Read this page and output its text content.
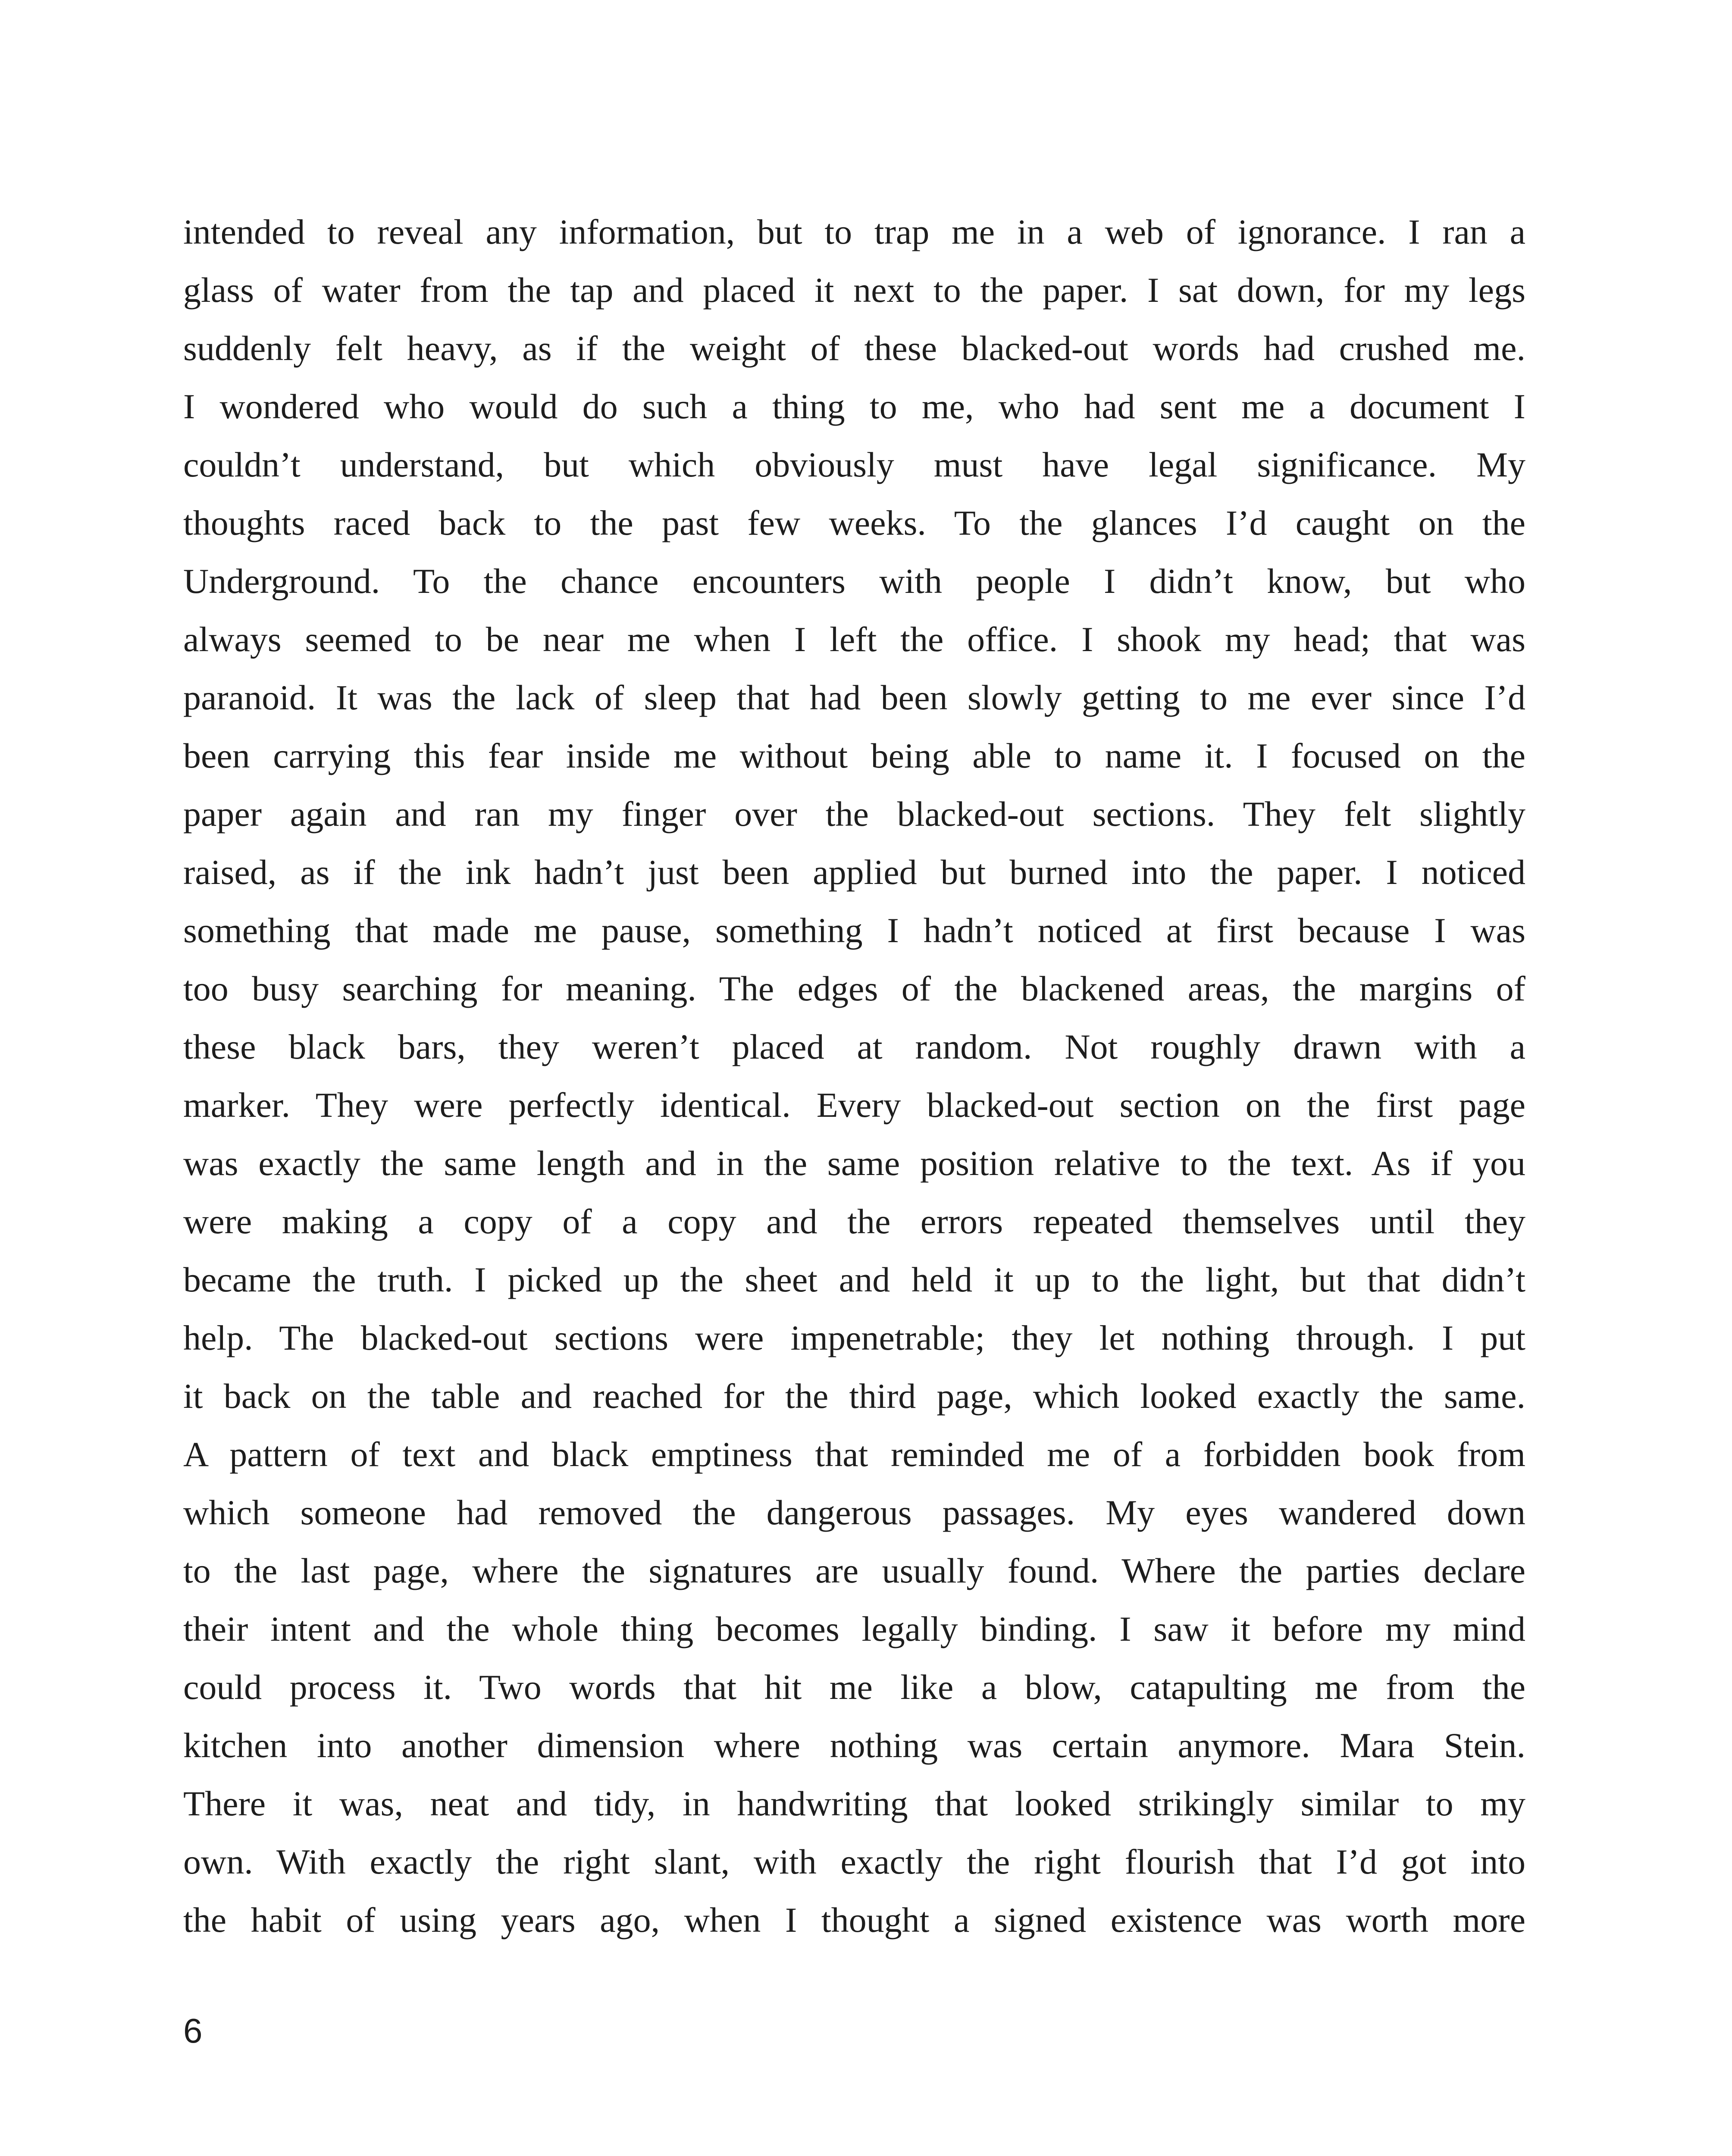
intended to reveal any information, but to trap me in a web of ignorance. I ran a
glass of water from the tap and placed it next to the paper. I sat down, for my legs
suddenly felt heavy, as if the weight of these blacked-out words had crushed me.
I wondered who would do such a thing to me, who had sent me a document I
couldn’t understand, but which obviously must have legal significance. My
thoughts raced back to the past few weeks. To the glances I’d caught on the
Underground. To the chance encounters with people I didn’t know, but who
always seemed to be near me when I left the office. I shook my head; that was
paranoid. It was the lack of sleep that had been slowly getting to me ever since I’d
been carrying this fear inside me without being able to name it. I focused on the
paper again and ran my finger over the blacked-out sections. They felt slightly
raised, as if the ink hadn’t just been applied but burned into the paper. I noticed
something that made me pause, something I hadn’t noticed at first because I was
too busy searching for meaning. The edges of the blackened areas, the margins of
these black bars, they weren’t placed at random. Not roughly drawn with a
marker. They were perfectly identical. Every blacked-out section on the first page
was exactly the same length and in the same position relative to the text. As if you
were making a copy of a copy and the errors repeated themselves until they
became the truth. I picked up the sheet and held it up to the light, but that didn’t
help. The blacked-out sections were impenetrable; they let nothing through. I put
it back on the table and reached for the third page, which looked exactly the same.
A pattern of text and black emptiness that reminded me of a forbidden book from
which someone had removed the dangerous passages. My eyes wandered down
to the last page, where the signatures are usually found. Where the parties declare
their intent and the whole thing becomes legally binding. I saw it before my mind
could process it. Two words that hit me like a blow, catapulting me from the
kitchen into another dimension where nothing was certain anymore. Mara Stein.
There it was, neat and tidy, in handwriting that looked strikingly similar to my
own. With exactly the right slant, with exactly the right flourish that I’d got into
the habit of using years ago, when I thought a signed existence was worth more
6
